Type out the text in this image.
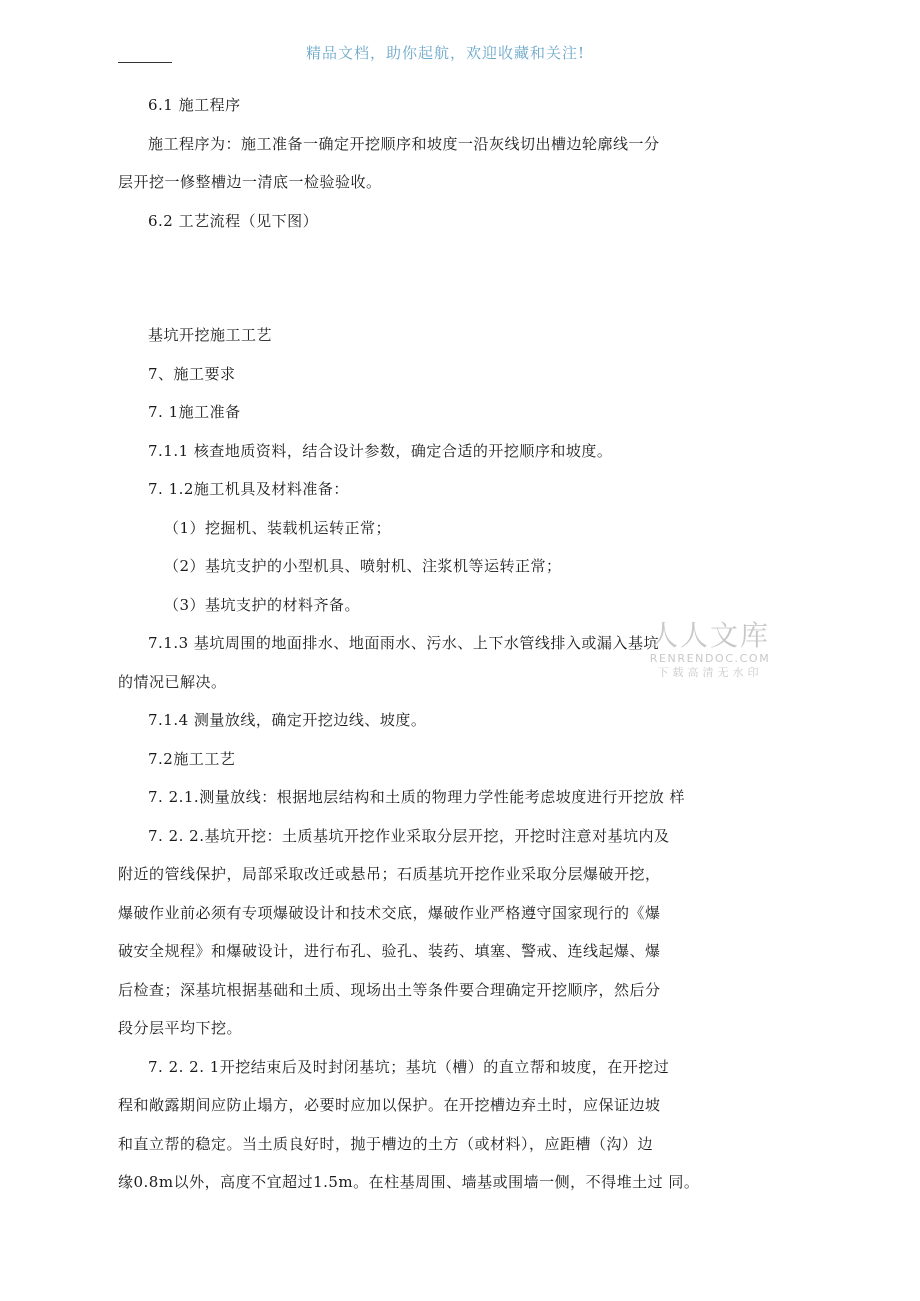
精品文档，助你起航，欢迎收藏和关注!
6.1 施工程序
施工程序为：施工准备一确定开挖顺序和坡度一沿灰线切出槽边轮廓线一分
层开挖一修整槽边一清底一检验验收。
6.2 工艺流程（见下图）
基坑开挖施工工艺
7、施工要求
7. 1施工准备
7.1.1 核查地质资料，结合设计参数，确定合适的开挖顺序和坡度。
7. 1.2施工机具及材料准备：
（1）挖掘机、装载机运转正常；
（2）基坑支护的小型机具、喷射机、注浆机等运转正常；
（3）基坑支护的材料齐备。
7.1.3 基坑周围的地面排水、地面雨水、污水、上下水管线排入或漏入基坑
的情况已解决。
7.1.4 测量放线，确定开挖边线、坡度。
7.2施工工艺
7. 2.1.测量放线：根据地层结构和土质的物理力学性能考虑坡度进行开挖放 样
7. 2. 2.基坑开挖：土质基坑开挖作业采取分层开挖，开挖时注意对基坑内及
附近的管线保护，局部采取改迁或悬吊；石质基坑开挖作业采取分层爆破开挖，
爆破作业前必须有专项爆破设计和技术交底，爆破作业严格遵守国家现行的《爆
破安全规程》和爆破设计，进行布孔、验孔、装药、填塞、警戒、连线起爆、爆
后检查；深基坑根据基础和土质、现场出土等条件要合理确定开挖顺序，然后分
段分层平均下挖。
7. 2. 2. 1开挖结束后及时封闭基坑；基坑（槽）的直立帮和坡度，在开挖过
程和敞露期间应防止塌方，必要时应加以保护。在开挖槽边弃土时，应保证边坡
和直立帮的稳定。当土质良好时，抛于槽边的土方（或材料），应距槽（沟）边
缘0.8m以外，高度不宜超过1.5m。在柱基周围、墙基或围墙一侧，不得堆土过 同。
人人文库
RENRENDOC.COM
下载高清无水印
